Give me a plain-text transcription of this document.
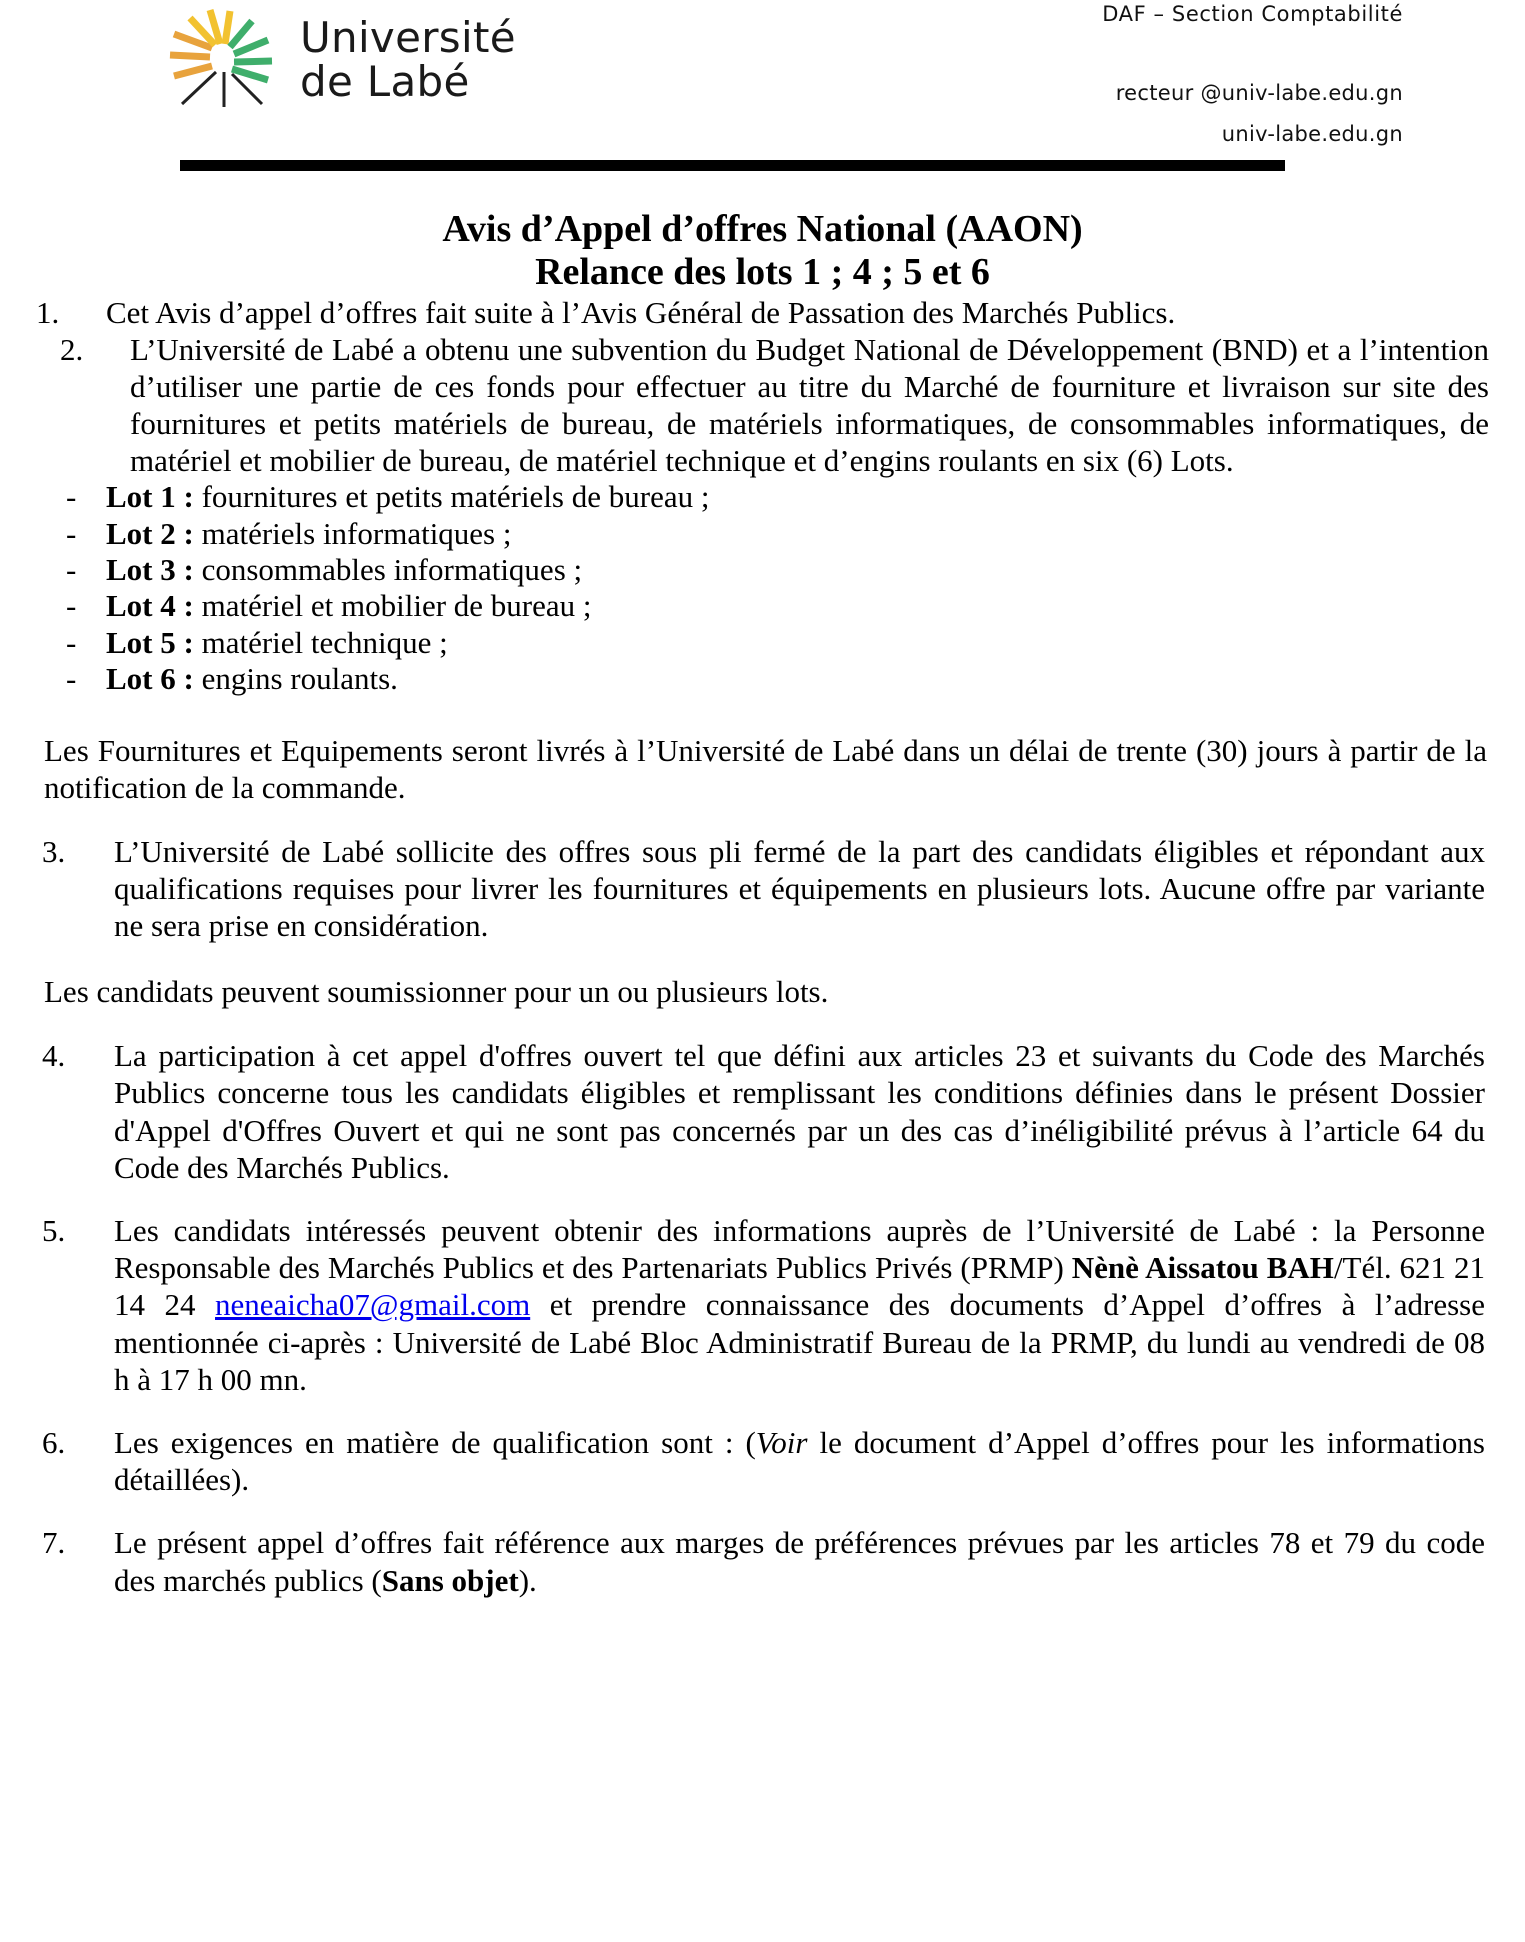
Université
de Labé
DAF – Section Comptabilité
recteur @univ-labe.edu.gn
univ-labe.edu.gn
Avis d’Appel d’offres National (AAON)
Relance des lots 1 ; 4 ; 5 et 6
1.	Cet Avis d’appel d’offres fait suite à l’Avis Général de Passation des Marchés Publics.
2.	L’Université de Labé a obtenu une subvention du Budget National de Développement (BND) et a l’intention d’utiliser une partie de ces fonds pour effectuer au titre du Marché de fourniture et livraison sur site des fournitures et petits matériels de bureau, de matériels informatiques, de consommables informatiques, de matériel et mobilier de bureau, de matériel technique et d’engins roulants en six (6) Lots.
- Lot 1 : fournitures et petits matériels de bureau ;
- Lot 2 : matériels informatiques ;
- Lot 3 : consommables informatiques ;
- Lot 4 : matériel et mobilier de bureau ;
- Lot 5 : matériel technique ;
- Lot 6 : engins roulants.

Les Fournitures et Equipements seront livrés à l’Université de Labé dans un délai de trente (30) jours à partir de la notification de la commande.

3.	L’Université de Labé sollicite des offres sous pli fermé de la part des candidats éligibles et répondant aux qualifications requises pour livrer les fournitures et équipements en plusieurs lots. Aucune offre par variante ne sera prise en considération.

Les candidats peuvent soumissionner pour un ou plusieurs lots.

4.	La participation à cet appel d'offres ouvert tel que défini aux articles 23 et suivants du Code des Marchés Publics concerne tous les candidats éligibles et remplissant les conditions définies dans le présent Dossier d'Appel d'Offres Ouvert et qui ne sont pas concernés par un des cas d’inéligibilité prévus à l’article 64 du Code des Marchés Publics.
5.	Les candidats intéressés peuvent obtenir des informations auprès de l’Université de Labé : la Personne Responsable des Marchés Publics et des Partenariats Publics Privés (PRMP) Nènè Aissatou BAH/Tél. 621 21 14 24 neneaicha07@gmail.com et prendre connaissance des documents d’Appel d’offres à l’adresse mentionnée ci-après : Université de Labé Bloc Administratif Bureau de la PRMP, du lundi au vendredi de 08 h à 17 h 00 mn.
6.	Les exigences en matière de qualification sont : (Voir le document d’Appel d’offres pour les informations détaillées).
7.	Le présent appel d’offres fait référence aux marges de préférences prévues par les articles 78 et 79 du code des marchés publics (Sans objet).
